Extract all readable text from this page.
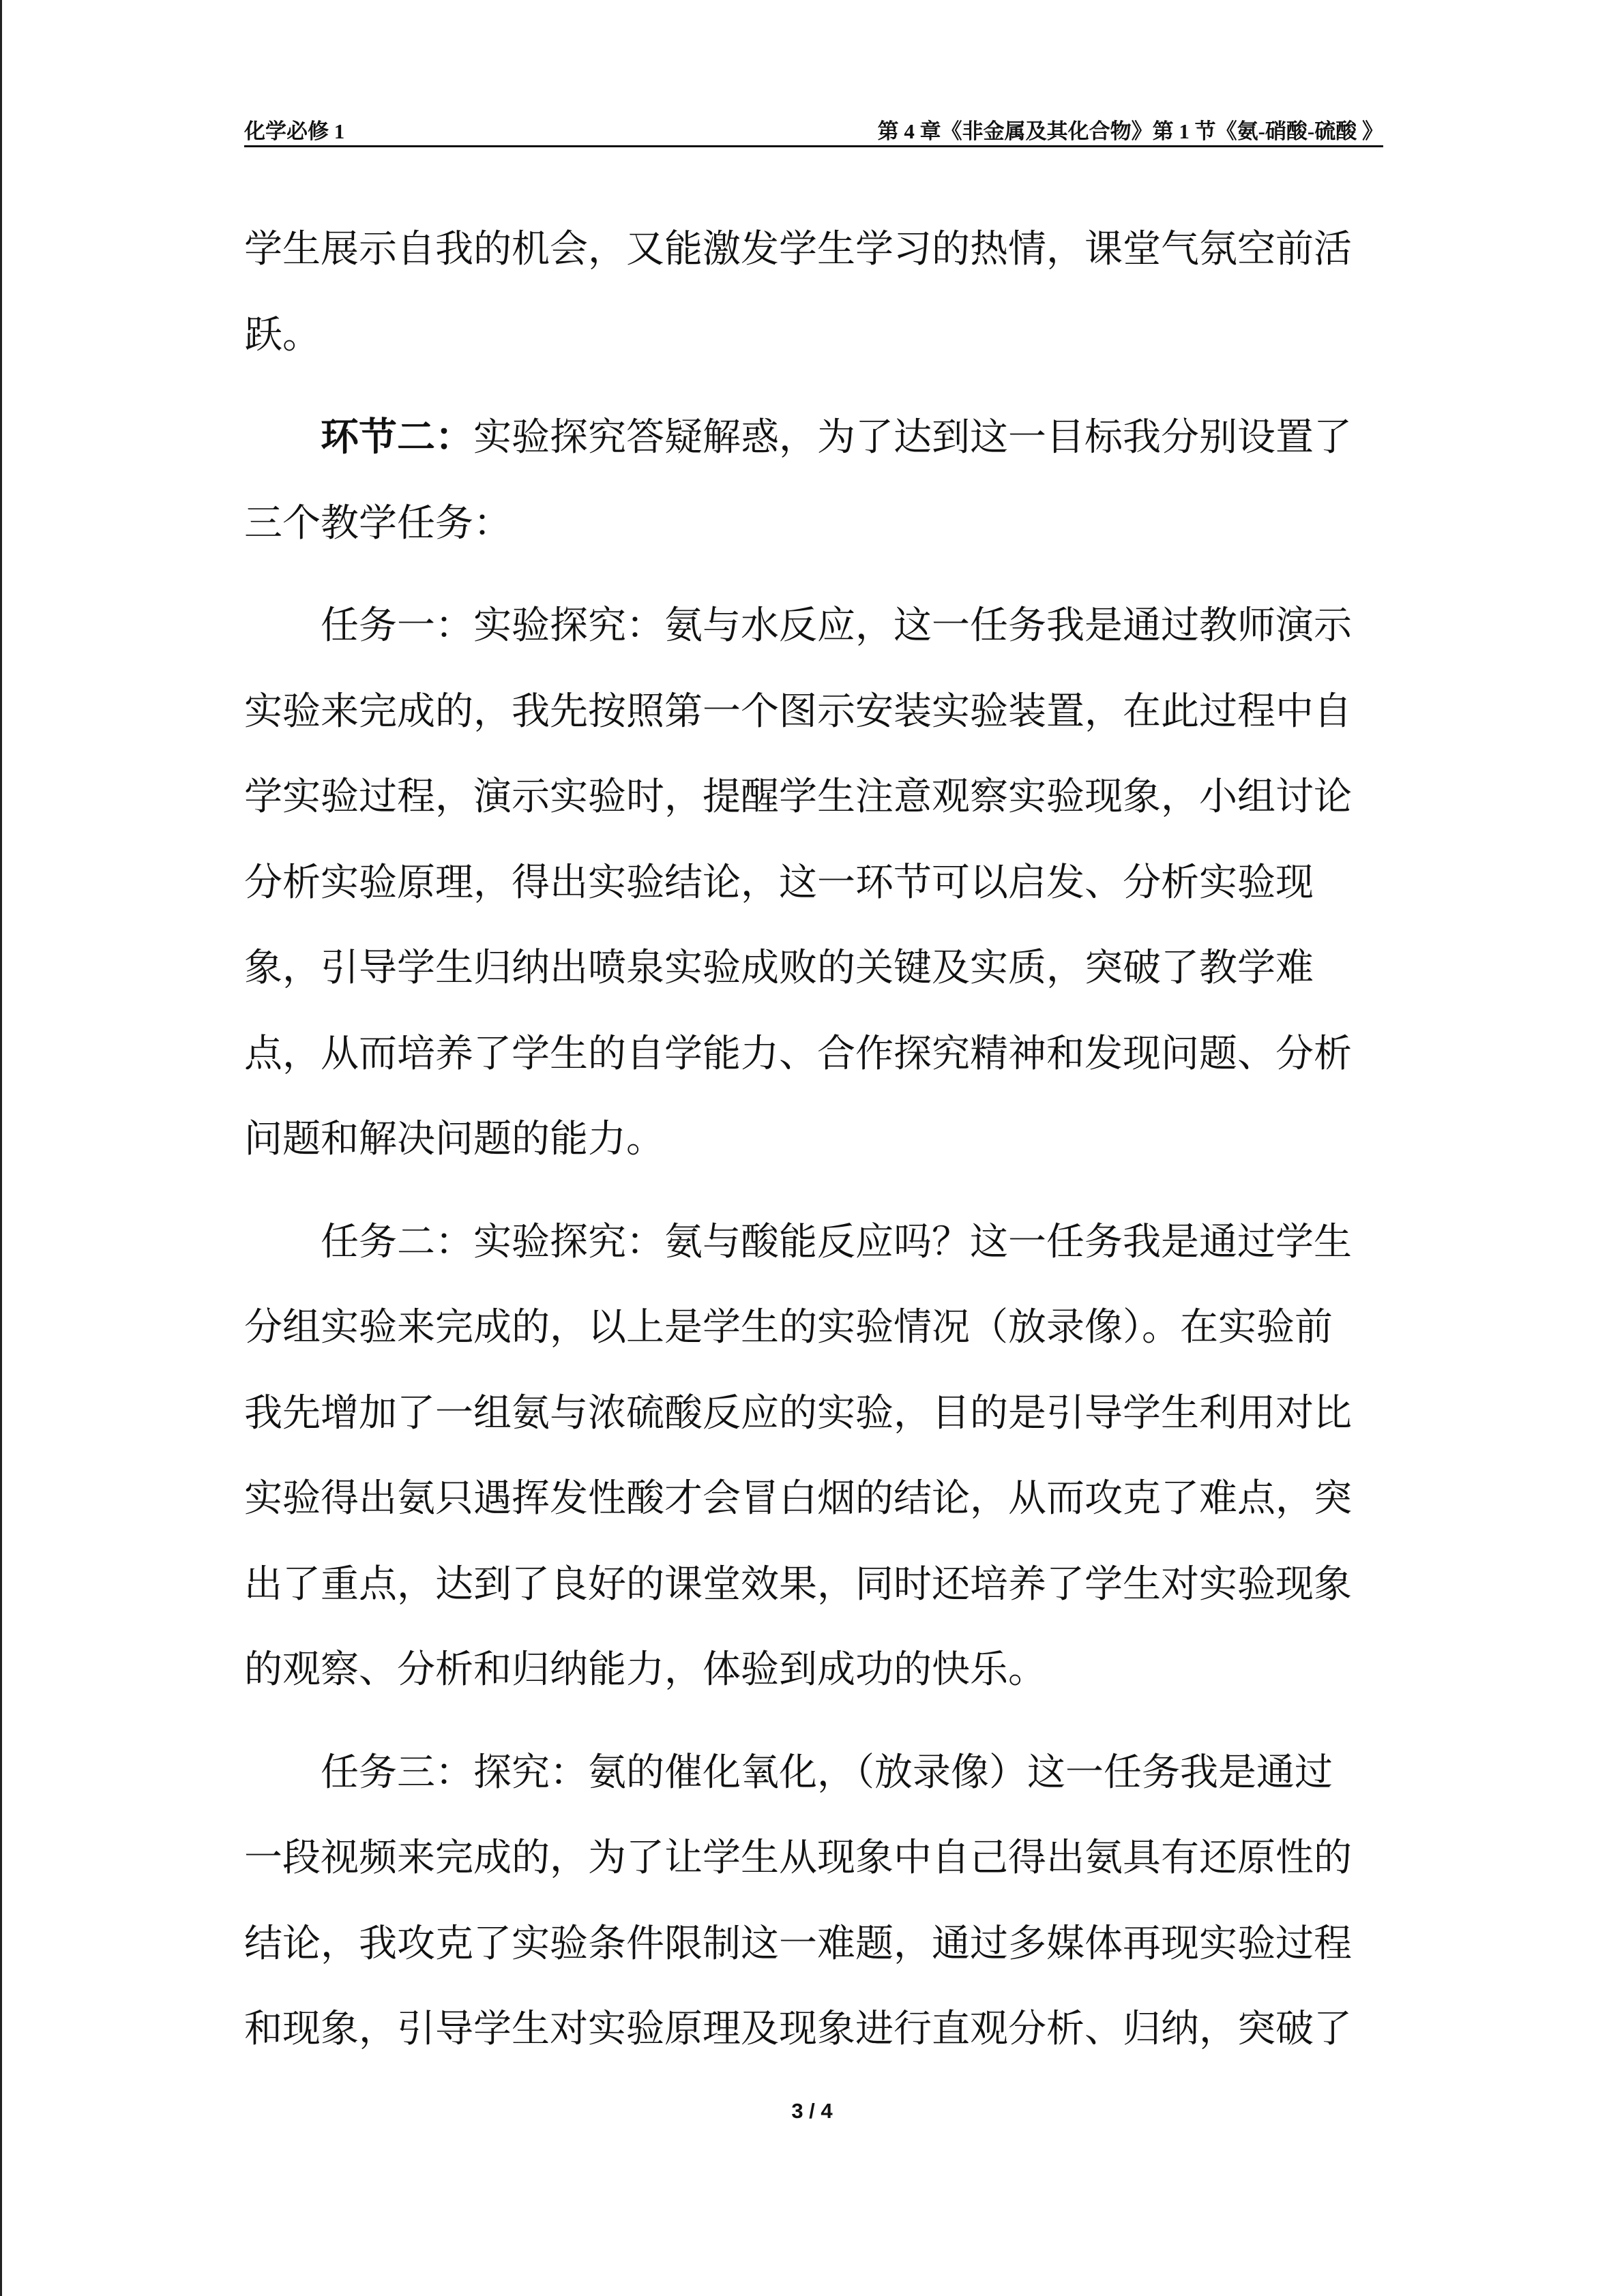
化学必修 1	第 4 章《非金属及其化合物》第 1 节《氨-硝酸-硫酸 》

学生展示自我的机会，又能激发学生学习的热情，课堂气氛空前活跃。

环节二：实验探究答疑解惑，为了达到这一目标我分别设置了三个教学任务：

任务一：实验探究：氨与水反应，这一任务我是通过教师演示实验来完成的，我先按照第一个图示安装实验装置，在此过程中自学实验过程，演示实验时，提醒学生注意观察实验现象，小组讨论分析实验原理，得出实验结论，这一环节可以启发、分析实验现象，引导学生归纳出喷泉实验成败的关键及实质，突破了教学难点，从而培养了学生的自学能力、合作探究精神和发现问题、分析问题和解决问题的能力。

任务二：实验探究：氨与酸能反应吗？这一任务我是通过学生分组实验来完成的，以上是学生的实验情况（放录像）。在实验前我先增加了一组氨与浓硫酸反应的实验，目的是引导学生利用对比实验得出氨只遇挥发性酸才会冒白烟的结论，从而攻克了难点，突出了重点，达到了良好的课堂效果，同时还培养了学生对实验现象的观察、分析和归纳能力，体验到成功的快乐。

任务三：探究：氨的催化氧化，（放录像）这一任务我是通过一段视频来完成的，为了让学生从现象中自己得出氨具有还原性的结论，我攻克了实验条件限制这一难题，通过多媒体再现实验过程和现象，引导学生对实验原理及现象进行直观分析、归纳，突破了

3 / 4
